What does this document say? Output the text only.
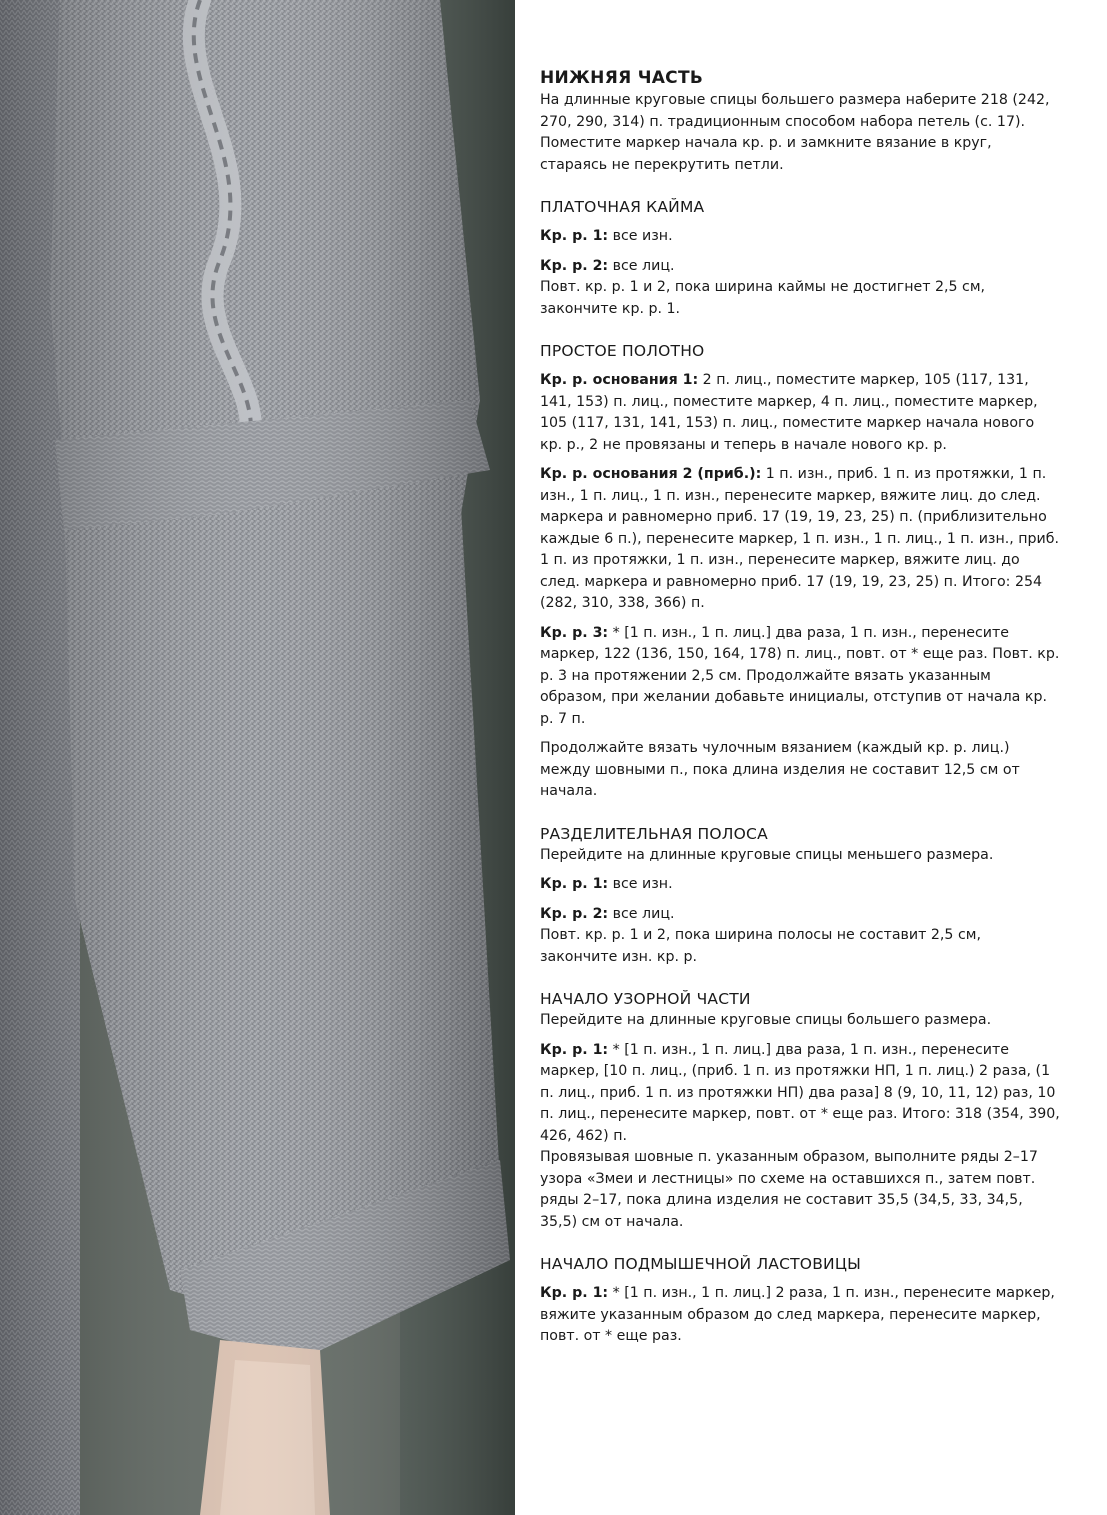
НИЖНЯЯ ЧАСТЬ

На длинные круговые спицы большего размера наберите 218 (242, 270, 290, 314) п. традиционным способом набора петель (с. 17). Поместите маркер начала кр. р. и замкните вязание в круг, стараясь не перекрутить петли.

ПЛАТОЧНАЯ КАЙМА

Кр. р. 1: все изн.

Кр. р. 2: все лиц.

Повт. кр. р. 1 и 2, пока ширина каймы не достигнет 2,5 см, закончите кр. р. 1.

ПРОСТОЕ ПОЛОТНО

Кр. р. основания 1: 2 п. лиц., поместите маркер, 105 (117, 131, 141, 153) п. лиц., поместите маркер, 4 п. лиц., поместите маркер, 105 (117, 131, 141, 153) п. лиц., поместите маркер начала нового кр. р., 2 не провязаны и теперь в начале нового кр. р.

Кр. р. основания 2 (приб.): 1 п. изн., приб. 1 п. из протяжки, 1 п. изн., 1 п. лиц., 1 п. изн., перенесите маркер, вяжите лиц. до след. маркера и равномерно приб. 17 (19, 19, 23, 25) п. (приблизительно каждые 6 п.), перенесите маркер, 1 п. изн., 1 п. лиц., 1 п. изн., приб. 1 п. из протяжки, 1 п. изн., перенесите маркер, вяжите лиц. до след. маркера и равномерно приб. 17 (19, 19, 23, 25) п. Итого: 254 (282, 310, 338, 366) п.

Кр. р. 3: * [1 п. изн., 1 п. лиц.] два раза, 1 п. изн., перенесите маркер, 122 (136, 150, 164, 178) п. лиц., повт. от * еще раз. Повт. кр. р. 3 на протяжении 2,5 см. Продолжайте вязать указанным образом, при желании добавьте инициалы, отступив от начала кр. р. 7 п.

Продолжайте вязать чулочным вязанием (каждый кр. р. лиц.) между шовными п., пока длина изделия не составит 12,5 см от начала.

РАЗДЕЛИТЕЛЬНАЯ ПОЛОСА

Перейдите на длинные круговые спицы меньшего размера.

Кр. р. 1: все изн.

Кр. р. 2: все лиц.

Повт. кр. р. 1 и 2, пока ширина полосы не составит 2,5 см, закончите изн. кр. р.

НАЧАЛО УЗОРНОЙ ЧАСТИ

Перейдите на длинные круговые спицы большего размера.

Кр. р. 1: * [1 п. изн., 1 п. лиц.] два раза, 1 п. изн., перенесите маркер, [10 п. лиц., (приб. 1 п. из протяжки НП, 1 п. лиц.) 2 раза, (1 п. лиц., приб. 1 п. из протяжки НП) два раза] 8 (9, 10, 11, 12) раз, 10 п. лиц., перенесите маркер, повт. от * еще раз. Итого: 318 (354, 390, 426, 462) п.

Провязывая шовные п. указанным образом, выполните ряды 2–17 узора «Змеи и лестницы» по схеме на оставшихся п., затем повт. ряды 2–17, пока длина изделия не составит 35,5 (34,5, 33, 34,5, 35,5) см от начала.

НАЧАЛО ПОДМЫШЕЧНОЙ ЛАСТОВИЦЫ

Кр. р. 1: * [1 п. изн., 1 п. лиц.] 2 раза, 1 п. изн., перенесите маркер, вяжите указанным образом до след маркера, перенесите маркер, повт. от * еще раз.
